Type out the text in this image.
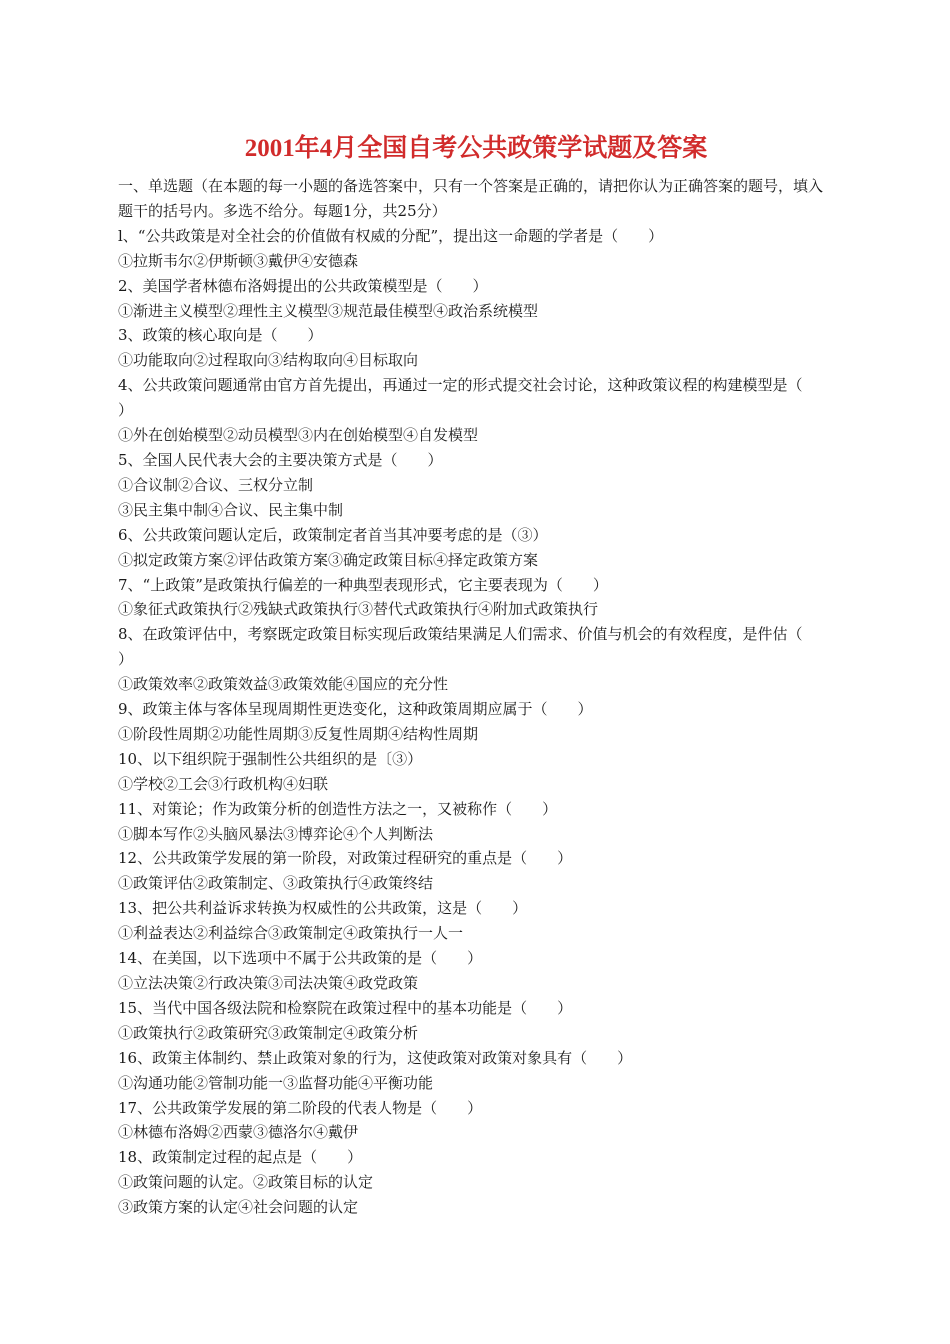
2001年4月全国自考公共政策学试题及答案
一、单选题（在本题的每一小题的备选答案中，只有一个答案是正确的，请把你认为正确答案的题号，填入题干的括号内。多选不给分。每题1分，共25分）
l、“公共政策是对全社会的价值做有权威的分配”，提出这一命题的学者是（　　）
①拉斯韦尔②伊斯顿③戴伊④安德森
2、美国学者林德布洛姆提出的公共政策模型是（　　）
①渐进主义模型②理性主义模型③规范最佳模型④政治系统模型
3、政策的核心取向是（　　）
①功能取向②过程取向③结构取向④目标取向
4、公共政策问题通常由官方首先提出，再通过一定的形式提交社会讨论，这种政策议程的构建模型是（　　）
①外在创始模型②动员模型③内在创始模型④自发模型
5、全国人民代表大会的主要决策方式是（　　）
①合议制②合议、三权分立制
③民主集中制④合议、民主集中制
6、公共政策问题认定后，政策制定者首当其冲要考虑的是（③）
①拟定政策方案②评估政策方案③确定政策目标④择定政策方案
7、“上政策”是政策执行偏差的一种典型表现形式，它主要表现为（　　）
①象征式政策执行②残缺式政策执行③替代式政策执行④附加式政策执行
8、在政策评估中，考察既定政策目标实现后政策结果满足人们需求、价值与机会的有效程度，是件估（　　）
①政策效率②政策效益③政策效能④国应的充分性
9、政策主体与客体呈现周期性更迭变化，这种政策周期应属于（　　）
①阶段性周期②功能性周期③反复性周期④结构性周期
10、以下组织院于强制性公共组织的是〔③）
①学校②工会③行政机构④妇联
11、对策论；作为政策分析的创造性方法之一，又被称作（　　）
①脚本写作②头脑风暴法③博弈论④个人判断法
12、公共政策学发展的第一阶段，对政策过程研究的重点是（　　）
①政策评估②政策制定、③政策执行④政策终结
13、把公共利益诉求转换为权威性的公共政策，这是（　　）
①利益表达②利益综合③政策制定④政策执行一人一
14、在美国，以下选项中不属于公共政策的是（　　）
①立法决策②行政决策③司法决策④政党政策
15、当代中国各级法院和检察院在政策过程中的基本功能是（　　）
①政策执行②政策研究③政策制定④政策分析
16、政策主体制约、禁止政策对象的行为，这使政策对政策对象具有（　　）
①沟通功能②管制功能一③监督功能④平衡功能
17、公共政策学发展的第二阶段的代表人物是（　　）
①林德布洛姆②西蒙③德洛尔④戴伊
18、政策制定过程的起点是（　　）
①政策问题的认定。②政策目标的认定
③政策方案的认定④社会问题的认定
